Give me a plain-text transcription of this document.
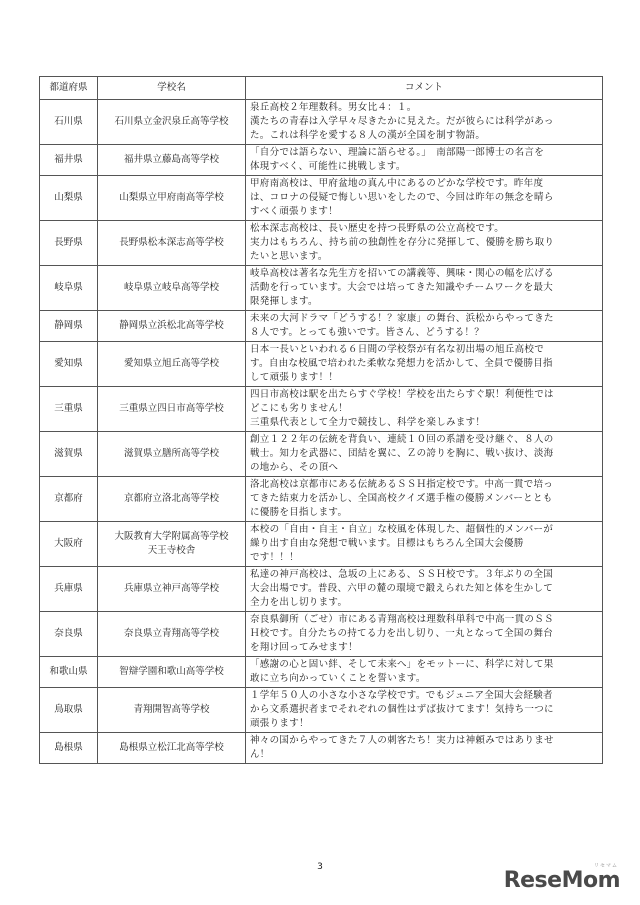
都道府県	学校名	コメント
石川県	石川県立金沢泉丘高等学校	泉丘高校２年理数科。男女比４：１。
漢たちの青春は入学早々尽きたかに見えた。だが彼らには科学があっ
た。これは科学を愛する８人の漢が全国を制す物語。

福井県	福井県立藤島高等学校	「自分では語らない、理論に語らせる。」　南部陽一郎博士の名言を
体現すべく、可能性に挑戦します。

山梨県	山梨県立甲府南高等学校	甲府南高校は、甲府盆地の真ん中にあるのどかな学校です。昨年度
は、コロナの侵疑で悔しい思いをしたので、今回は昨年の無念を晴ら
すべく頑張ります！

長野県	長野県松本深志高等学校	松本深志高校は、長い歴史を持つ長野県の公立高校です。
実力はもちろん、持ち前の独創性を存分に発揮して、優勝を勝ち取り
たいと思います。

岐阜県	岐阜県立岐阜高等学校	岐阜高校は著名な先生方を招いての講義等、興味・関心の幅を広げる
活動を行っています。大会では培ってきた知識やチームワークを最大
限発揮します。

静岡県	静岡県立浜松北高等学校	未来の大河ドラマ「どうする！？家康」の舞台、浜松からやってきた
８人です。とっても強いです。皆さん、どうする！？

愛知県	愛知県立旭丘高等学校	日本一長いといわれる６日間の学校祭が有名な初出場の旭丘高校で
す。自由な校風で培われた柔軟な発想力を活かして、全員で優勝目指
して頑張ります！！

三重県	三重県立四日市高等学校	四日市高校は駅を出たらすぐ学校！学校を出たらすぐ駅！利便性では
どこにも劣りません！
三重県代表として全力で競技し、科学を楽しみます！

滋賀県	滋賀県立膳所高等学校	創立１２２年の伝統を背負い、連続１０回の系譜を受け継ぐ、８人の
戦士。知力を武器に、団結を翼に、Ｚの誇りを胸に、戦い抜け、淡海
の地から、その頂へ

京都府	京都府立洛北高等学校	洛北高校は京都市にある伝統あるＳＳＨ指定校です。中高一貫で培っ
てきた結束力を活かし、全国高校クイズ選手権の優勝メンバーととも
に優勝を目指します。

大阪府	大阪教育大学附属高等学校
天王寺校舎	本校の「自由・自主・自立」な校風を体現した、超個性的メンバーが
繰り出す自由な発想で戦います。目標はもちろん全国大会優勝
です！！！

兵庫県	兵庫県立神戸高等学校	私達の神戸高校は、急坂の上にある、ＳＳＨ校です。３年ぶりの全国
大会出場です。普段、六甲の麓の環境で鍛えられた知と体を生かして
全力を出し切ります。

奈良県	奈良県立青翔高等学校	奈良県御所（ごせ）市にある青翔高校は理数科単科で中高一貫のＳＳ
Ｈ校です。自分たちの持てる力を出し切り、一丸となって全国の舞台
を翔け回ってみせます！

和歌山県	智辯学園和歌山高等学校	「感謝の心と固い絆、そして未来へ」をモットーに、科学に対して果
敢に立ち向かっていくことを誓います。

鳥取県	青翔開智高等学校	１学年５０人の小さな小さな学校です。でもジュニア全国大会経験者
から文系選択者までそれぞれの個性はずば抜けてます！気持ち一つに
頑張ります！

島根県	島根県立松江北高等学校	神々の国からやってきた７人の刺客たち！実力は神頼みではありませ
ん！
3
ReseMom
リセマム
